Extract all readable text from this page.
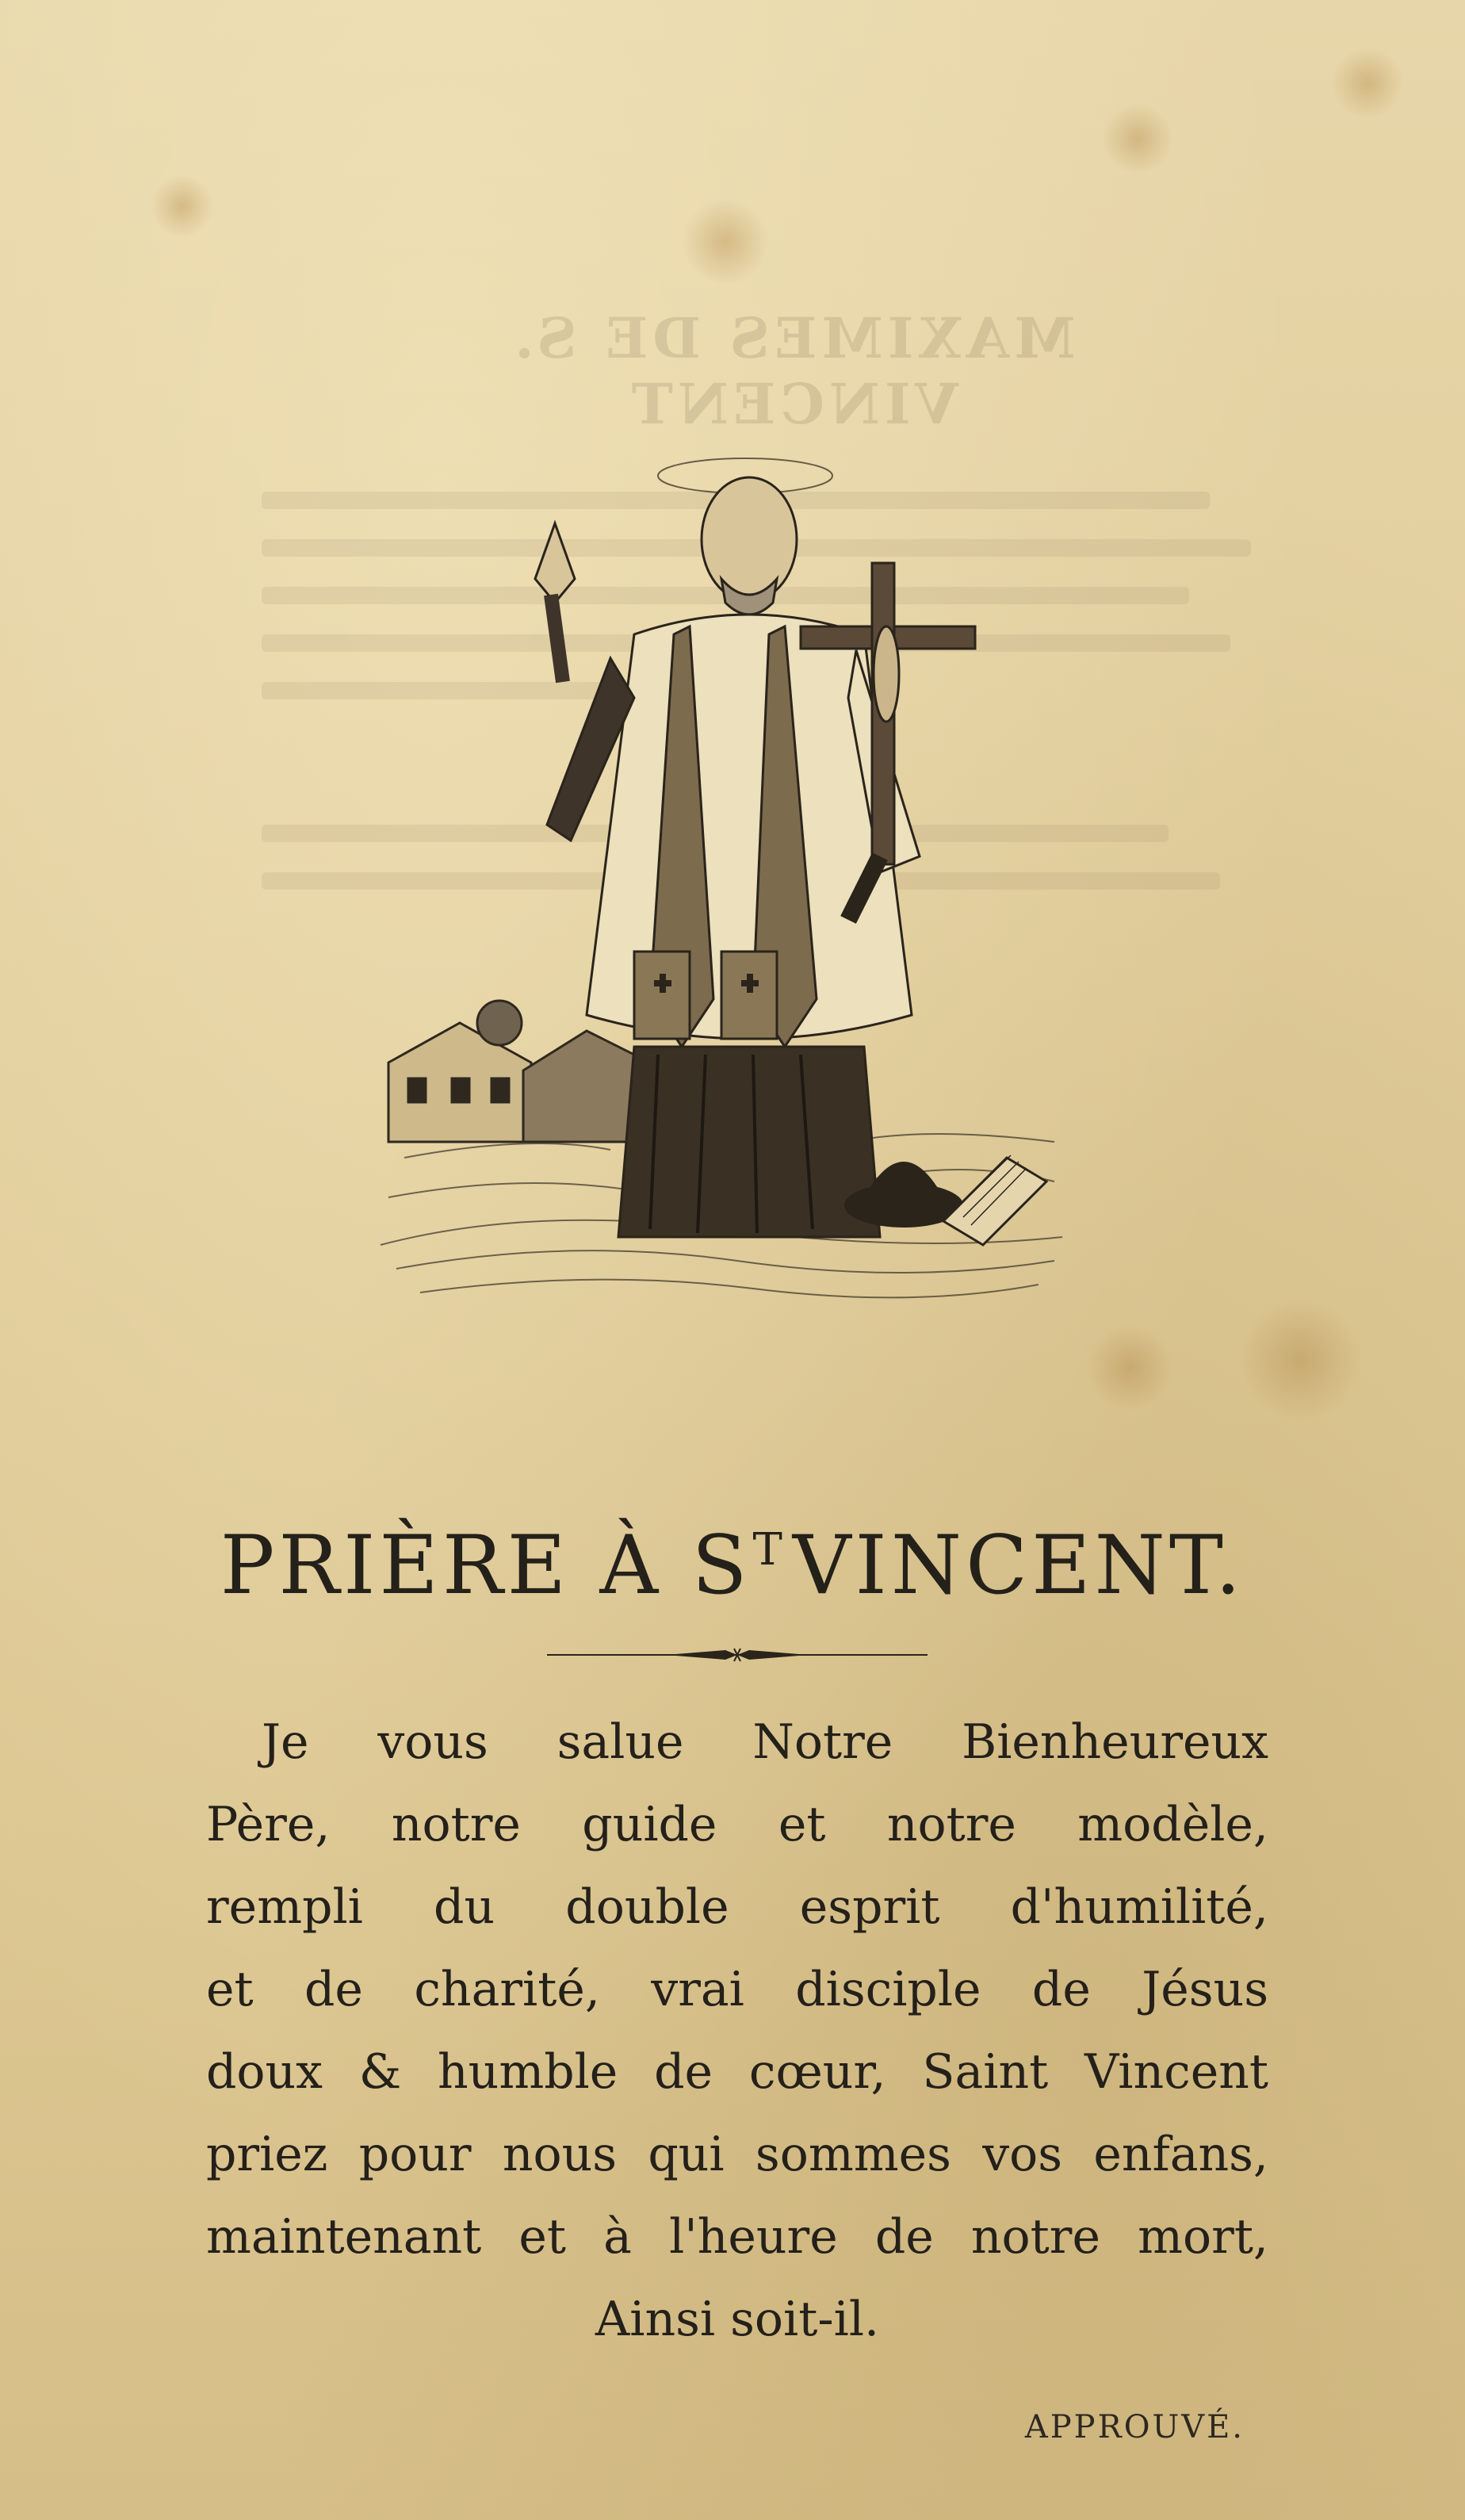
MAXIMES DE S. VINCENT
PRIÈRE À $S^TVINCENT$.
Je vous salue Notre Bienheureux
Père, notre guide et notre modèle,
rempli du double esprit d'humilité,
et de charité, vrai disciple de Jésus
doux & humble de cœur, Saint Vincent
priez pour nous qui sommes vos enfans,
maintenant et à l'heure de notre mort,
Ainsi soit-il.
APPROUVÉ.
